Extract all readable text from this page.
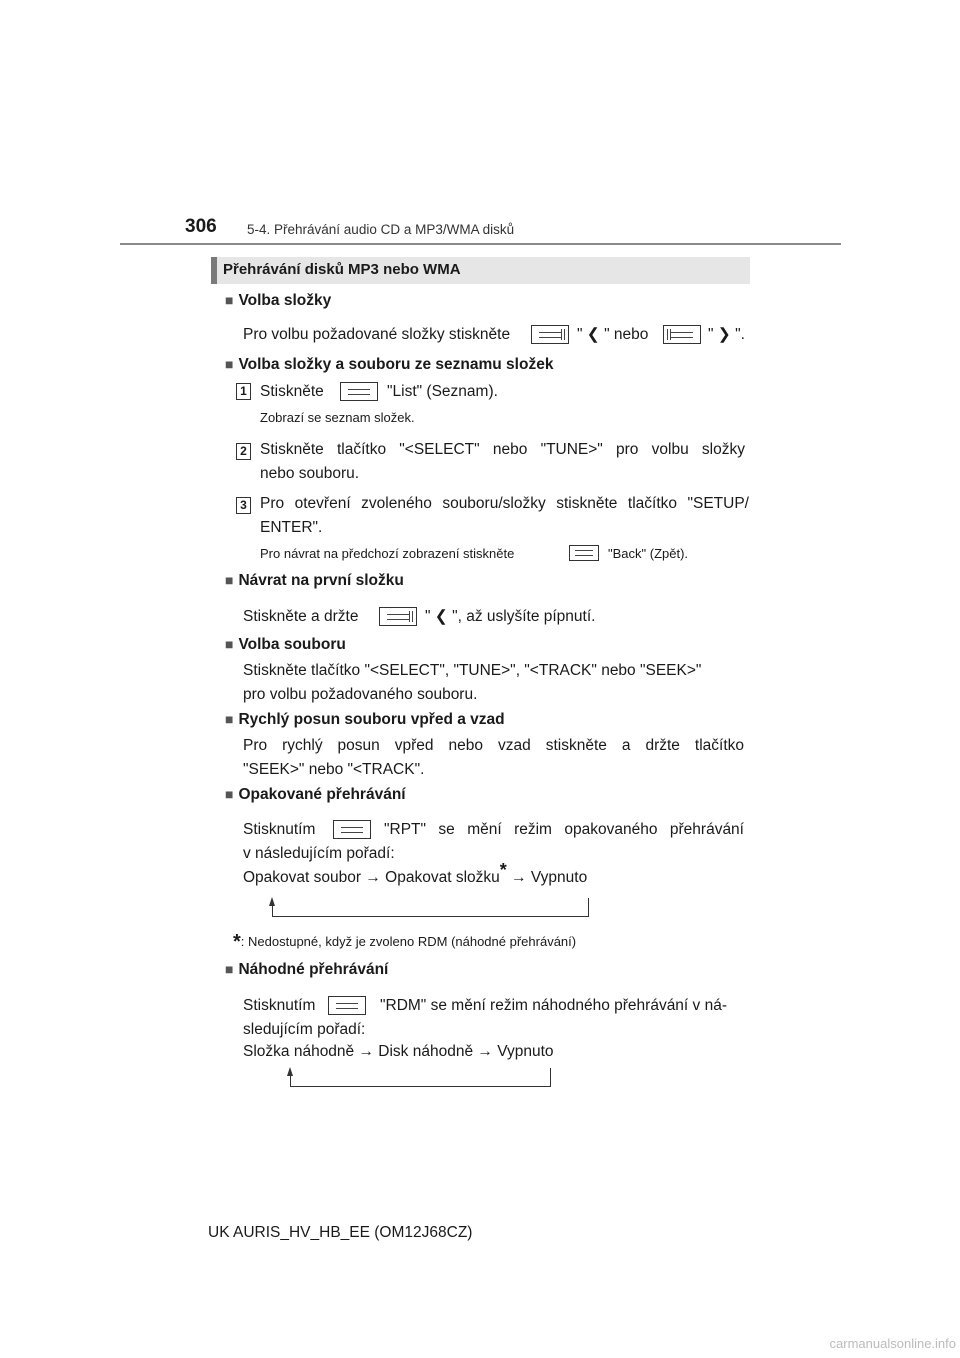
306 5-4. Přehrávání audio CD a MP3/WMA disků
Přehrávání disků MP3 nebo WMA
■ Volba složky
Pro volbu požadované složky stiskněte	" ❮ " nebo	" ❯ ".
■ Volba složky a souboru ze seznamu složek
1 Stiskněte	"List" (Seznam).
Zobrazí se seznam složek.
2 Stiskněte tlačítko "<SELECT" nebo "TUNE>" pro volbu složky
nebo souboru.
3 Pro otevření zvoleného souboru/složky stiskněte tlačítko "SETUP/
ENTER".
Pro návrat na předchozí zobrazení stiskněte	"Back" (Zpět).
■ Návrat na první složku
Stiskněte a držte	" ❮ ", až uslyšíte pípnutí.
■ Volba souboru
Stiskněte tlačítko "<SELECT", "TUNE>", "<TRACK" nebo "SEEK>"
pro volbu požadovaného souboru.
■ Rychlý posun souboru vpřed a vzad
Pro rychlý posun vpřed nebo vzad stiskněte a držte tlačítko
"SEEK>" nebo "<TRACK".
■ Opakované přehrávání
Stisknutím	"RPT" se mění režim opakovaného přehrávání
v následujícím pořadí:
Opakovat soubor → Opakovat složku* → Vypnuto
*: Nedostupné, když je zvoleno RDM (náhodné přehrávání)
■ Náhodné přehrávání
Stisknutím	"RDM" se mění režim náhodného přehrávání v ná-
sledujícím pořadí:
Složka náhodně → Disk náhodně → Vypnuto
UK AURIS_HV_HB_EE (OM12J68CZ)
carmanualsonline.info
